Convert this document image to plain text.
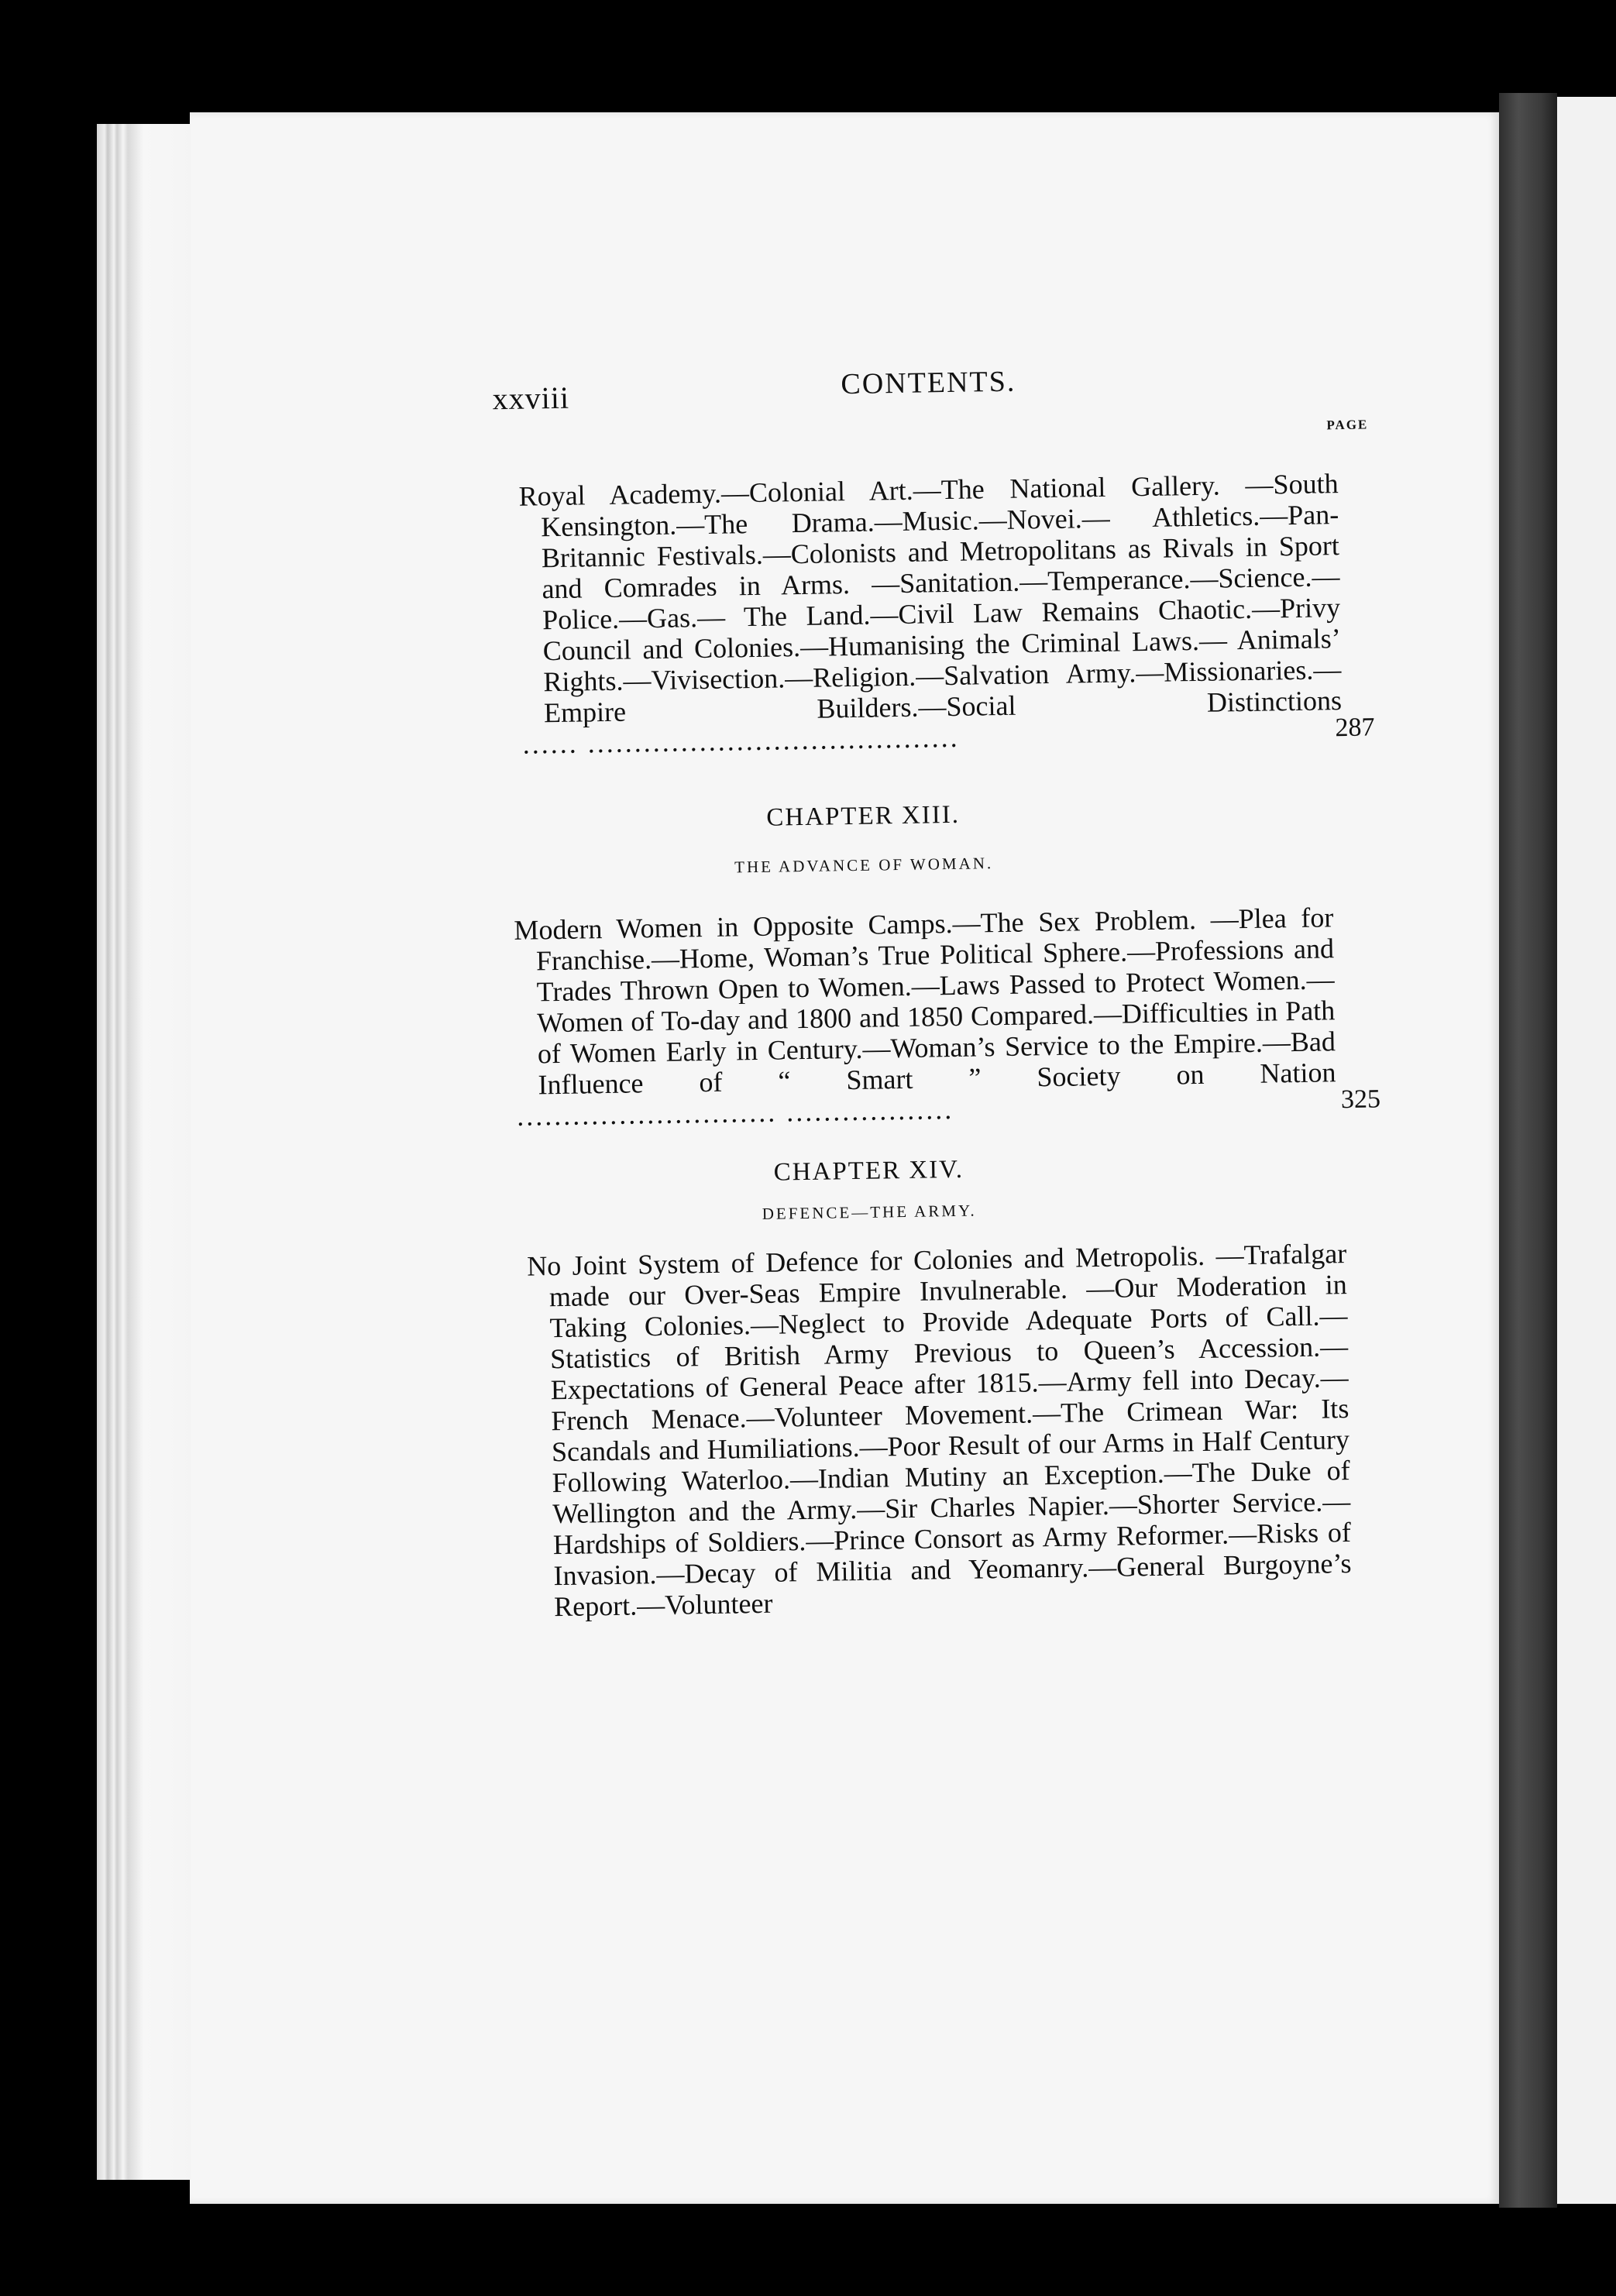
xxviii	CONTENTS.
PAGE
Royal Academy.—Colonial Art.—The National Gallery. —South Kensington.—The Drama.—Music.—Novei.— Athletics.—Pan-Britannic Festivals.—Colonists and Metropolitans as Rivals in Sport and Comrades in Arms. —Sanitation.—Temperance.—Science.—Police.—Gas.— The Land.—Civil Law Remains Chaotic.—Privy Council and Colonies.—Humanising the Criminal Laws.— Animals’ Rights.—Vivisection.—Religion.—Salvation Army.—Missionaries.—Empire Builders.—Social Distinctions...... ........................................	287
CHAPTER XIII.
THE ADVANCE OF WOMAN.
Modern Women in Opposite Camps.—The Sex Problem. —Plea for Franchise.—Home, Woman’s True Political Sphere.—Professions and Trades Thrown Open to Women.—Laws Passed to Protect Women.—Women of To-day and 1800 and 1850 Compared.—Difficulties in Path of Women Early in Century.—Woman’s Service to the Empire.—Bad Influence of “ Smart ” Society on Nation............................ ..................	325
CHAPTER XIV.
DEFENCE—THE ARMY.
No Joint System of Defence for Colonies and Metropolis. —Trafalgar made our Over-Seas Empire Invulnerable. —Our Moderation in Taking Colonies.—Neglect to Provide Adequate Ports of Call.—Statistics of British Army Previous to Queen’s Accession.—Expectations of General Peace after 1815.—Army fell into Decay.— French Menace.—Volunteer Movement.—The Crimean War: Its Scandals and Humiliations.—Poor Result of our Arms in Half Century Following Waterloo.—Indian Mutiny an Exception.—The Duke of Wellington and the Army.—Sir Charles Napier.—Shorter Service.— Hardships of Soldiers.—Prince Consort as Army Reformer.—Risks of Invasion.—Decay of Militia and Yeomanry.—General Burgoyne’s Report.—Volunteer
